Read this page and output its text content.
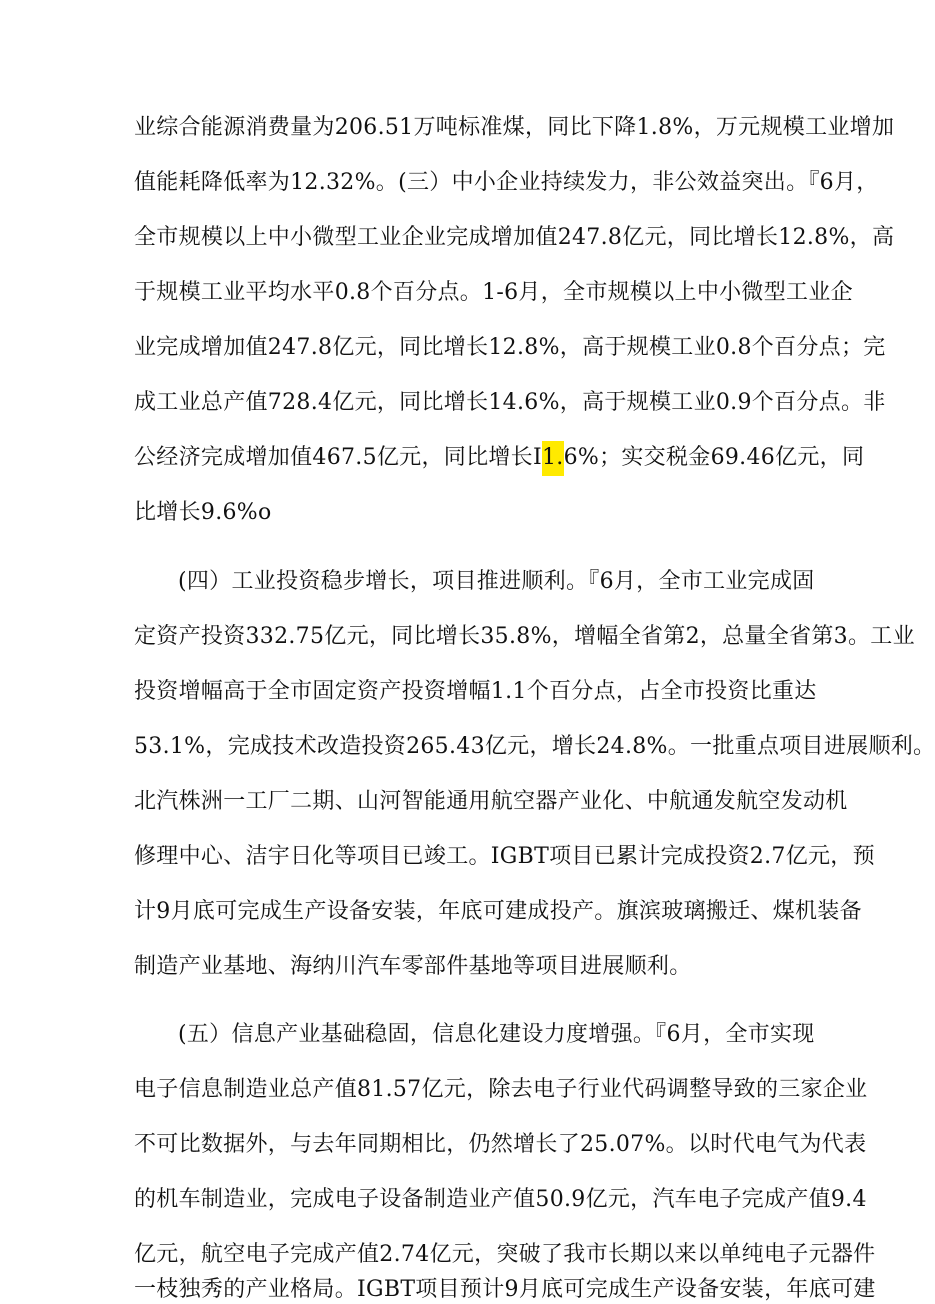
业综合能源消费量为206.51万吨标准煤，同比下降1.8%，万元规模工业增加
值能耗降低率为12.32%。(三）中小企业持续发力，非公效益突出。『6月，
全市规模以上中小微型工业企业完成增加值247.8亿元，同比增长12.8%，高
于规模工业平均水平0.8个百分点。1-6月，全市规模以上中小微型工业企
业完成增加值247.8亿元，同比增长12.8%，高于规模工业0.8个百分点；完
成工业总产值728.4亿元，同比增长14.6%，高于规模工业0.9个百分点。非
公经济完成增加值467.5亿元，同比增长I1.6%；实交税金69.46亿元，同
比增长9.6%o
(四）工业投资稳步增长，项目推进顺利。『6月，全市工业完成固
定资产投资332.75亿元，同比增长35.8%，增幅全省第2，总量全省第3。工业
投资增幅高于全市固定资产投资增幅1.1个百分点，占全市投资比重达
53.1%，完成技术改造投资265.43亿元，增长24.8%。一批重点项目进展顺利。
北汽株洲一工厂二期、山河智能通用航空器产业化、中航通发航空发动机
修理中心、洁宇日化等项目已竣工。IGBT项目已累计完成投资2.7亿元，预
计9月底可完成生产设备安装，年底可建成投产。旗滨玻璃搬迁、煤机装备
制造产业基地、海纳川汽车零部件基地等项目进展顺利。
(五）信息产业基础稳固，信息化建设力度增强。『6月，全市实现
电子信息制造业总产值81.57亿元，除去电子行业代码调整导致的三家企业
不可比数据外，与去年同期相比，仍然增长了25.07%。以时代电气为代表
的机车制造业，完成电子设备制造业产值50.9亿元，汽车电子完成产值9.4
亿元，航空电子完成产值2.74亿元，突破了我市长期以来以单纯电子元器件
一枝独秀的产业格局。IGBT项目预计9月底可完成生产设备安装，年底可建
